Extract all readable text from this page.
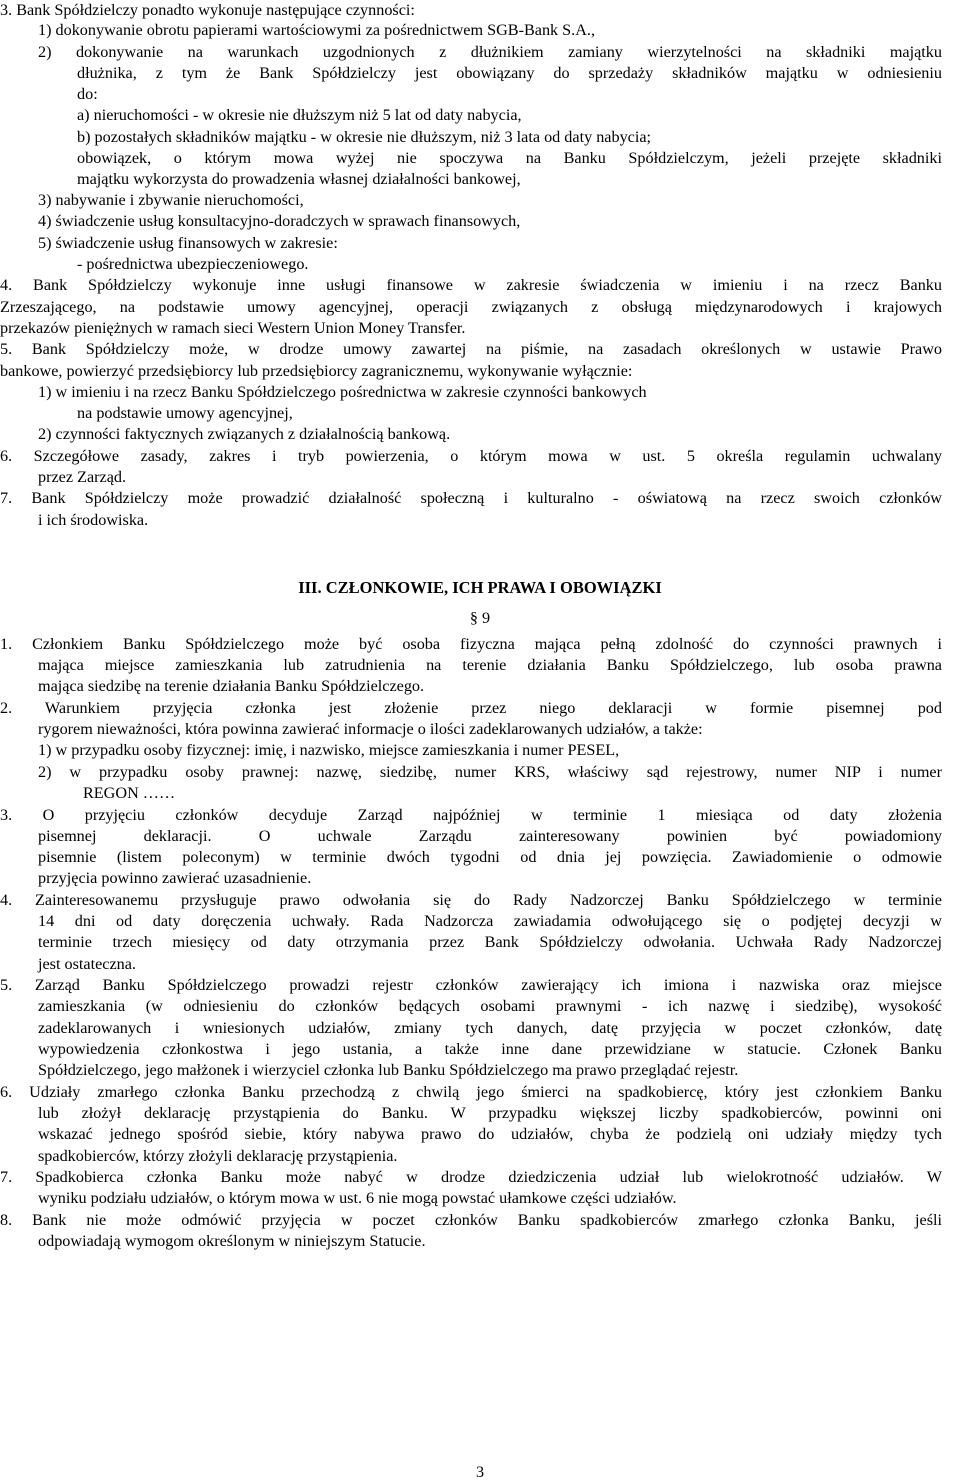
3. Bank Spółdzielczy ponadto wykonuje następujące czynności:

1) dokonywanie obrotu papierami wartościowymi za pośrednictwem SGB-Bank S.A.,

2) dokonywanie na warunkach uzgodnionych z dłużnikiem zamiany wierzytelności na składniki majątku

dłużnika, z tym że Bank Spółdzielczy jest obowiązany do sprzedaży składników majątku w odniesieniu

do:

a) nieruchomości - w okresie nie dłuższym niż 5 lat od daty nabycia,

b) pozostałych składników majątku - w okresie nie dłuższym, niż 3 lata od daty nabycia;

obowiązek, o którym mowa wyżej nie spoczywa na Banku Spółdzielczym, jeżeli przejęte składniki

majątku wykorzysta do prowadzenia własnej działalności bankowej,

3) nabywanie i zbywanie nieruchomości,

4) świadczenie usług konsultacyjno-doradczych w sprawach finansowych,

5) świadczenie usług finansowych w zakresie:

- pośrednictwa ubezpieczeniowego.

4. Bank Spółdzielczy wykonuje inne usługi finansowe w zakresie świadczenia w imieniu i na rzecz Banku

Zrzeszającego, na podstawie umowy agencyjnej, operacji związanych z obsługą międzynarodowych i krajowych

przekazów pieniężnych w ramach sieci Western Union Money Transfer.

5. Bank Spółdzielczy może, w drodze umowy zawartej na piśmie, na zasadach określonych w ustawie Prawo

bankowe, powierzyć przedsiębiorcy lub przedsiębiorcy zagranicznemu, wykonywanie wyłącznie:

1) w imieniu i na rzecz Banku Spółdzielczego pośrednictwa w zakresie czynności bankowych

na podstawie umowy agencyjnej,

2) czynności faktycznych związanych z działalnością bankową.

6. Szczegółowe zasady, zakres i tryb powierzenia, o którym mowa w ust. 5 określa regulamin uchwalany

przez Zarząd.

7. Bank Spółdzielczy może prowadzić działalność społeczną i kulturalno - oświatową na rzecz swoich członków

i ich środowiska.

III. CZŁONKOWIE, ICH PRAWA I OBOWIĄZKI

§ 9

1. Członkiem Banku Spółdzielczego może być osoba fizyczna mająca pełną zdolność do czynności prawnych i

mająca miejsce zamieszkania lub zatrudnienia na terenie działania Banku Spółdzielczego, lub osoba prawna

mająca siedzibę na terenie działania Banku Spółdzielczego.

2. Warunkiem przyjęcia członka jest złożenie przez niego deklaracji w formie pisemnej pod

rygorem nieważności, która powinna zawierać informacje o ilości zadeklarowanych udziałów, a także:

1) w przypadku osoby fizycznej: imię, i nazwisko, miejsce zamieszkania i numer PESEL,

2) w przypadku osoby prawnej: nazwę, siedzibę, numer KRS, właściwy sąd rejestrowy, numer NIP i numer

REGON ……

3. O przyjęciu członków decyduje Zarząd najpóźniej w terminie 1 miesiąca od daty złożenia

pisemnej deklaracji. O uchwale Zarządu zainteresowany powinien być powiadomiony

pisemnie (listem poleconym) w terminie dwóch tygodni od dnia jej powzięcia. Zawiadomienie o odmowie

przyjęcia powinno zawierać uzasadnienie.

4. Zainteresowanemu przysługuje prawo odwołania się do Rady Nadzorczej Banku Spółdzielczego w terminie

14 dni od daty doręczenia uchwały. Rada Nadzorcza zawiadamia odwołującego się o podjętej decyzji w

terminie trzech miesięcy od daty otrzymania przez Bank Spółdzielczy odwołania. Uchwała Rady Nadzorczej

jest ostateczna.

5. Zarząd Banku Spółdzielczego prowadzi rejestr członków zawierający ich imiona i nazwiska oraz miejsce

zamieszkania (w odniesieniu do członków będących osobami prawnymi - ich nazwę i siedzibę), wysokość

zadeklarowanych i wniesionych udziałów, zmiany tych danych, datę przyjęcia w poczet członków, datę

wypowiedzenia członkostwa i jego ustania, a także inne dane przewidziane w statucie. Członek Banku

Spółdzielczego, jego małżonek i wierzyciel członka lub Banku Spółdzielczego ma prawo przeglądać rejestr.

6. Udziały zmarłego członka Banku przechodzą z chwilą jego śmierci na spadkobiercę, który jest członkiem Banku

lub złożył deklarację przystąpienia do Banku. W przypadku większej liczby spadkobierców, powinni oni

wskazać jednego spośród siebie, który nabywa prawo do udziałów, chyba że podzielą oni udziały między tych

spadkobierców, którzy złożyli deklarację przystąpienia.

7. Spadkobierca członka Banku może nabyć w drodze dziedziczenia udział lub wielokrotność udziałów. W

wyniku podziału udziałów, o którym mowa w ust. 6 nie mogą powstać ułamkowe części udziałów.

8. Bank nie może odmówić przyjęcia w poczet członków Banku spadkobierców zmarłego członka Banku, jeśli

odpowiadają wymogom określonym w niniejszym Statucie.

3
